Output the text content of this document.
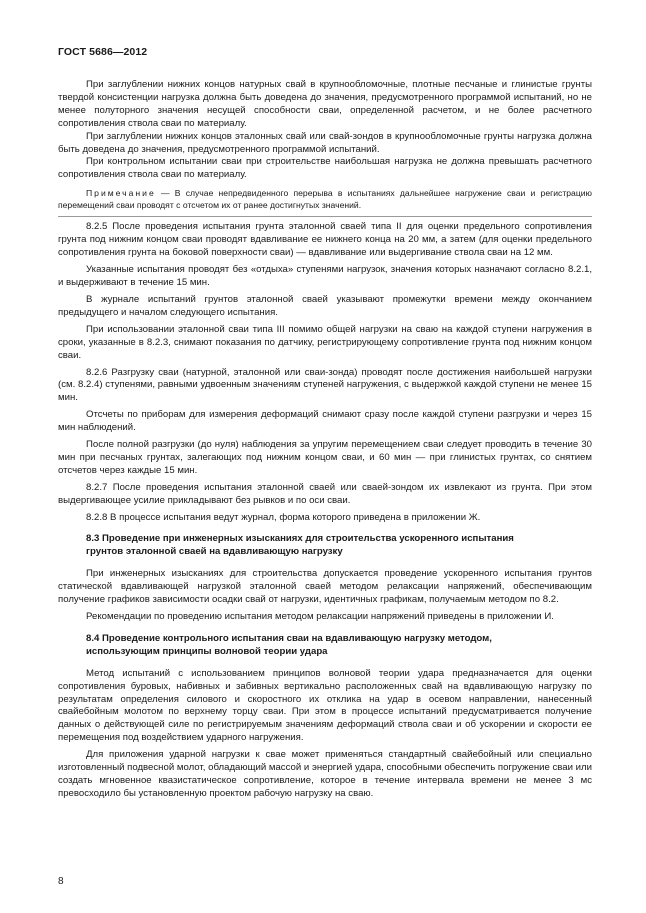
ГОСТ 5686—2012

При заглублении нижних концов натурных свай в крупнообломочные, плотные песчаные и глинистые грунты твердой консистенции нагрузка должна быть доведена до значения, предусмотренного программой испытаний, но не менее полуторного значения несущей способности сваи, определенной расчетом, и не более расчетного сопротивления ствола сваи по материалу.

При заглублении нижних концов эталонных свай или свай-зондов в крупнообломочные грунты нагрузка должна быть доведена до значения, предусмотренного программой испытаний.

При контрольном испытании сваи при строительстве наибольшая нагрузка не должна превышать расчетного сопротивления ствола сваи по материалу.

Примечание — В случае непредвиденного перерыва в испытаниях дальнейшее нагружение сваи и регистрацию перемещений сваи проводят с отсчетом их от ранее достигнутых значений.

8.2.5 После проведения испытания грунта эталонной сваей типа II для оценки предельного сопротивления грунта под нижним концом сваи проводят вдавливание ее нижнего конца на 20 мм, а затем (для оценки предельного сопротивления грунта на боковой поверхности сваи) — вдавливание или выдергивание ствола сваи на 12 мм.

Указанные испытания проводят без «отдыха» ступенями нагрузок, значения которых назначают согласно 8.2.1, и выдерживают в течение 15 мин.

В журнале испытаний грунтов эталонной сваей указывают промежутки времени между окончанием предыдущего и началом следующего испытания.

При использовании эталонной сваи типа III помимо общей нагрузки на сваю на каждой ступени нагружения в сроки, указанные в 8.2.3, снимают показания по датчику, регистрирующему сопротивление грунта под нижним концом сваи.

8.2.6 Разгрузку сваи (натурной, эталонной или сваи-зонда) проводят после достижения наибольшей нагрузки (см. 8.2.4) ступенями, равными удвоенным значениям ступеней нагружения, с выдержкой каждой ступени не менее 15 мин.

Отсчеты по приборам для измерения деформаций снимают сразу после каждой ступени разгрузки и через 15 мин наблюдений.

После полной разгрузки (до нуля) наблюдения за упругим перемещением сваи следует проводить в течение 30 мин при песчаных грунтах, залегающих под нижним концом сваи, и 60 мин — при глинистых грунтах, со снятием отсчетов через каждые 15 мин.

8.2.7 После проведения испытания эталонной сваей или сваей-зондом их извлекают из грунта. При этом выдергивающее усилие прикладывают без рывков и по оси сваи.

8.2.8 В процессе испытания ведут журнал, форма которого приведена в приложении Ж.

8.3 Проведение при инженерных изысканиях для строительства ускоренного испытания
грунтов эталонной сваей на вдавливающую нагрузку

При инженерных изысканиях для строительства допускается проведение ускоренного испытания грунтов статической вдавливающей нагрузкой эталонной сваей методом релаксации напряжений, обеспечивающим получение графиков зависимости осадки свай от нагрузки, идентичных графикам, получаемым методом по 8.2.

Рекомендации по проведению испытания методом релаксации напряжений приведены в приложении И.

8.4 Проведение контрольного испытания сваи на вдавливающую нагрузку методом,
использующим принципы волновой теории удара

Метод испытаний с использованием принципов волновой теории удара предназначается для оценки сопротивления буровых, набивных и забивных вертикально расположенных свай на вдавливающую нагрузку по результатам определения силового и скоростного их отклика на удар в осевом направлении, нанесенный свайебойным молотом по верхнему торцу сваи. При этом в процессе испытаний предусматривается получение данных о действующей силе по регистрируемым значениям деформаций ствола сваи и об ускорении и скорости ее перемещения под воздействием ударного нагружения.

Для приложения ударной нагрузки к свае может применяться стандартный свайебойный или специально изготовленный подвесной молот, обладающий массой и энергией удара, способными обеспечить погружение сваи или создать мгновенное квазистатическое сопротивление, которое в течение интервала времени не менее 3 мс превосходило бы установленную проектом рабочую нагрузку на сваю.

8
